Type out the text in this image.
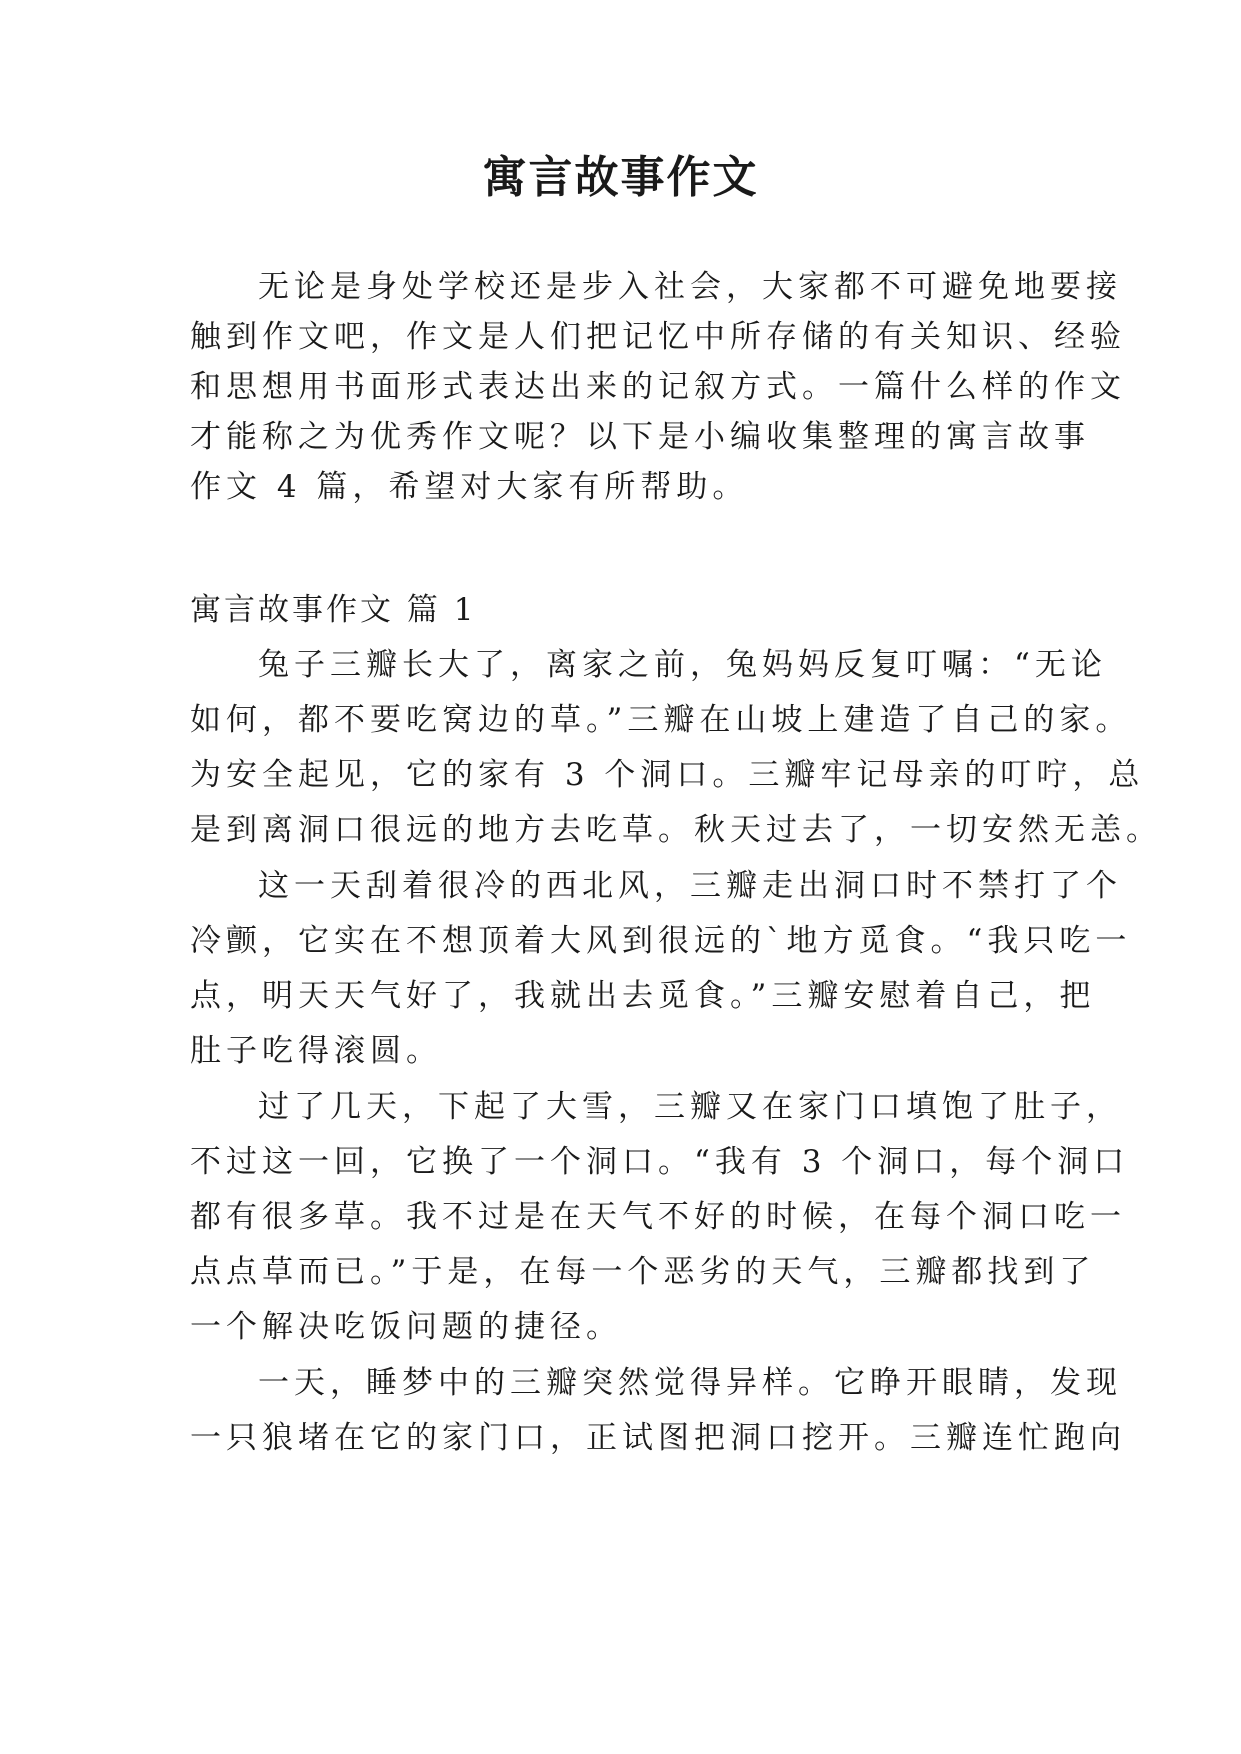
寓言故事作文
无论是身处学校还是步入社会，大家都不可避免地要接
触到作文吧，作文是人们把记忆中所存储的有关知识、经验
和思想用书面形式表达出来的记叙方式。一篇什么样的作文
才能称之为优秀作文呢？以下是小编收集整理的寓言故事
作文 4 篇，希望对大家有所帮助。
寓言故事作文 篇 1
兔子三瓣长大了，离家之前，兔妈妈反复叮嘱：“无论
如何，都不要吃窝边的草。”三瓣在山坡上建造了自己的家。
为安全起见，它的家有 3 个洞口。三瓣牢记母亲的叮咛，总
是到离洞口很远的地方去吃草。秋天过去了，一切安然无恙。
这一天刮着很冷的西北风，三瓣走出洞口时不禁打了个
冷颤，它实在不想顶着大风到很远的`地方觅食。“我只吃一
点，明天天气好了，我就出去觅食。”三瓣安慰着自己，把
肚子吃得滚圆。
过了几天，下起了大雪，三瓣又在家门口填饱了肚子，
不过这一回，它换了一个洞口。“我有 3 个洞口，每个洞口
都有很多草。我不过是在天气不好的时候，在每个洞口吃一
点点草而已。”于是，在每一个恶劣的天气，三瓣都找到了
一个解决吃饭问题的捷径。
一天，睡梦中的三瓣突然觉得异样。它睁开眼睛，发现
一只狼堵在它的家门口，正试图把洞口挖开。三瓣连忙跑向
